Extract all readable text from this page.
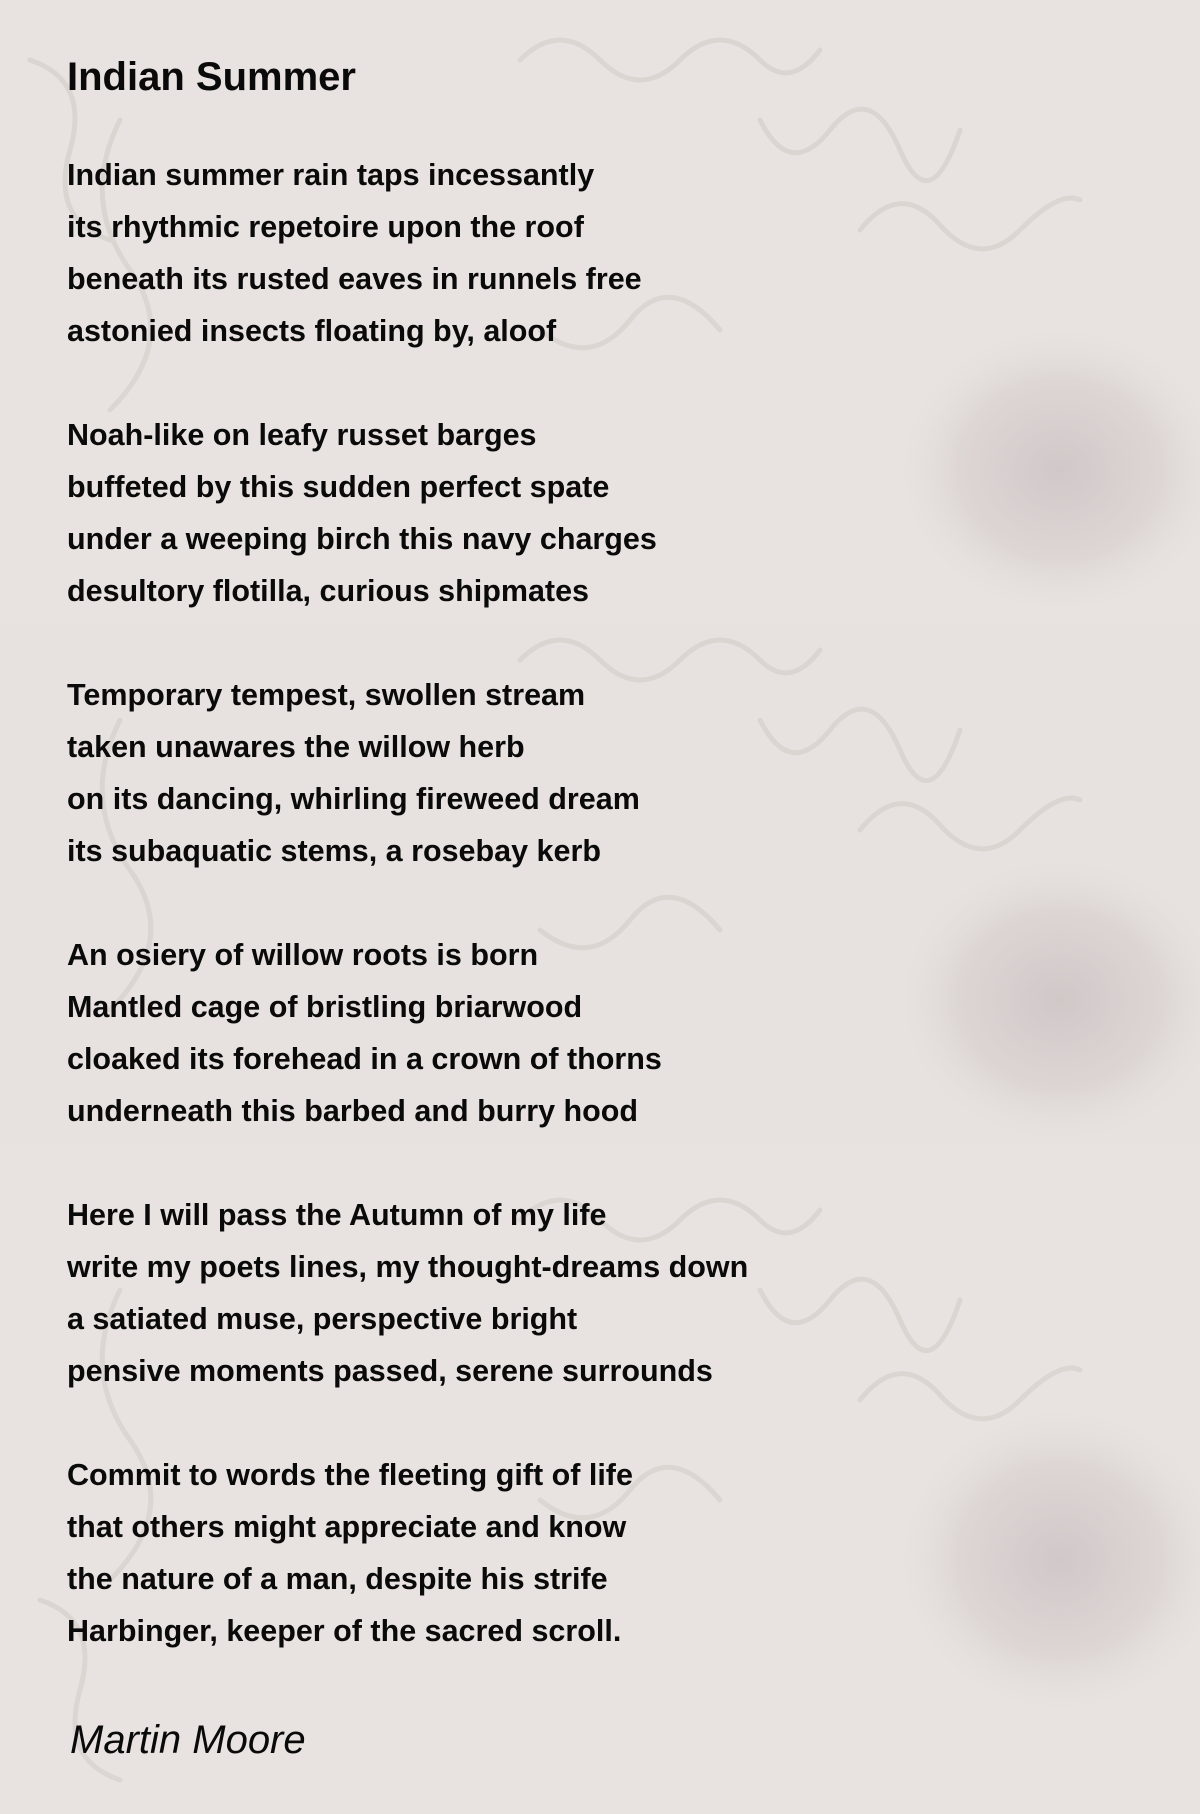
Indian Summer
Indian summer rain taps incessantly
its rhythmic repetoire upon the roof
beneath its rusted eaves in runnels free
astonied insects floating by, aloof
Noah-like on leafy russet barges
buffeted by this sudden perfect spate
under a weeping birch this navy charges
desultory flotilla, curious shipmates
Temporary tempest, swollen stream
taken unawares the willow herb
on its dancing, whirling fireweed dream
its subaquatic stems, a rosebay kerb
An osiery of willow roots is born
Mantled cage of bristling briarwood
cloaked its forehead in a crown of thorns
underneath this barbed and burry hood
Here I will pass the Autumn of my life
write my poets lines, my thought-dreams down
a satiated muse, perspective bright
pensive moments passed, serene surrounds
Commit to words the fleeting gift of life
that others might appreciate and know
the nature of a man, despite his strife
Harbinger, keeper of the sacred scroll.

Martin Moore
